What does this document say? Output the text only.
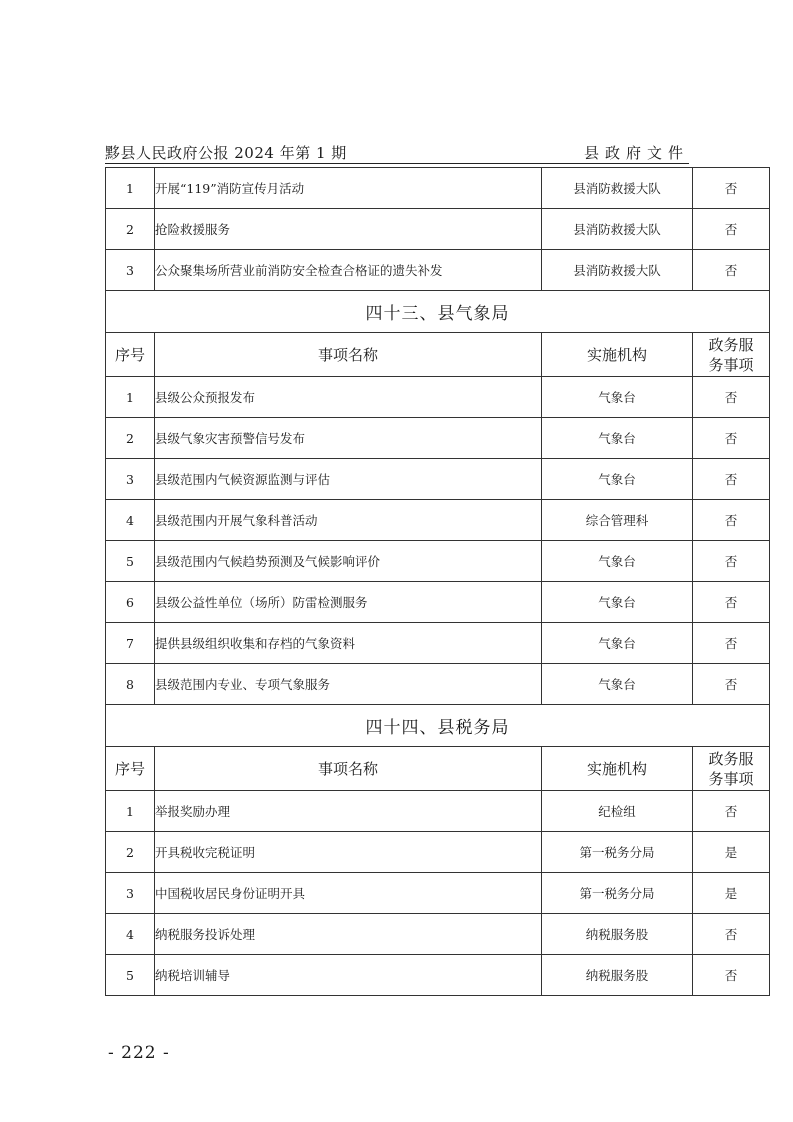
黟县人民政府公报 2024 年第 1 期	县政府文件
1	开展“119”消防宣传月活动	县消防救援大队	否
2	抢险救援服务	县消防救援大队	否
3	公众聚集场所营业前消防安全检查合格证的遗失补发	县消防救援大队	否
四十三、县气象局			
序号	事项名称	实施机构	政务服务事项

1	县级公众预报发布	气象台	否
2	县级气象灾害预警信号发布	气象台	否
3	县级范围内气候资源监测与评估	气象台	否
4	县级范围内开展气象科普活动	综合管理科	否
5	县级范围内气候趋势预测及气候影响评价	气象台	否
6	县级公益性单位（场所）防雷检测服务	气象台	否
7	提供县级组织收集和存档的气象资料	气象台	否
8	县级范围内专业、专项气象服务	气象台	否
四十四、县税务局			
序号	事项名称	实施机构	政务服务事项

1	举报奖励办理	纪检组	否
2	开具税收完税证明	第一税务分局	是
3	中国税收居民身份证明开具	第一税务分局	是
4	纳税服务投诉处理	纳税服务股	否
5	纳税培训辅导	纳税服务股	否
- 222 -
